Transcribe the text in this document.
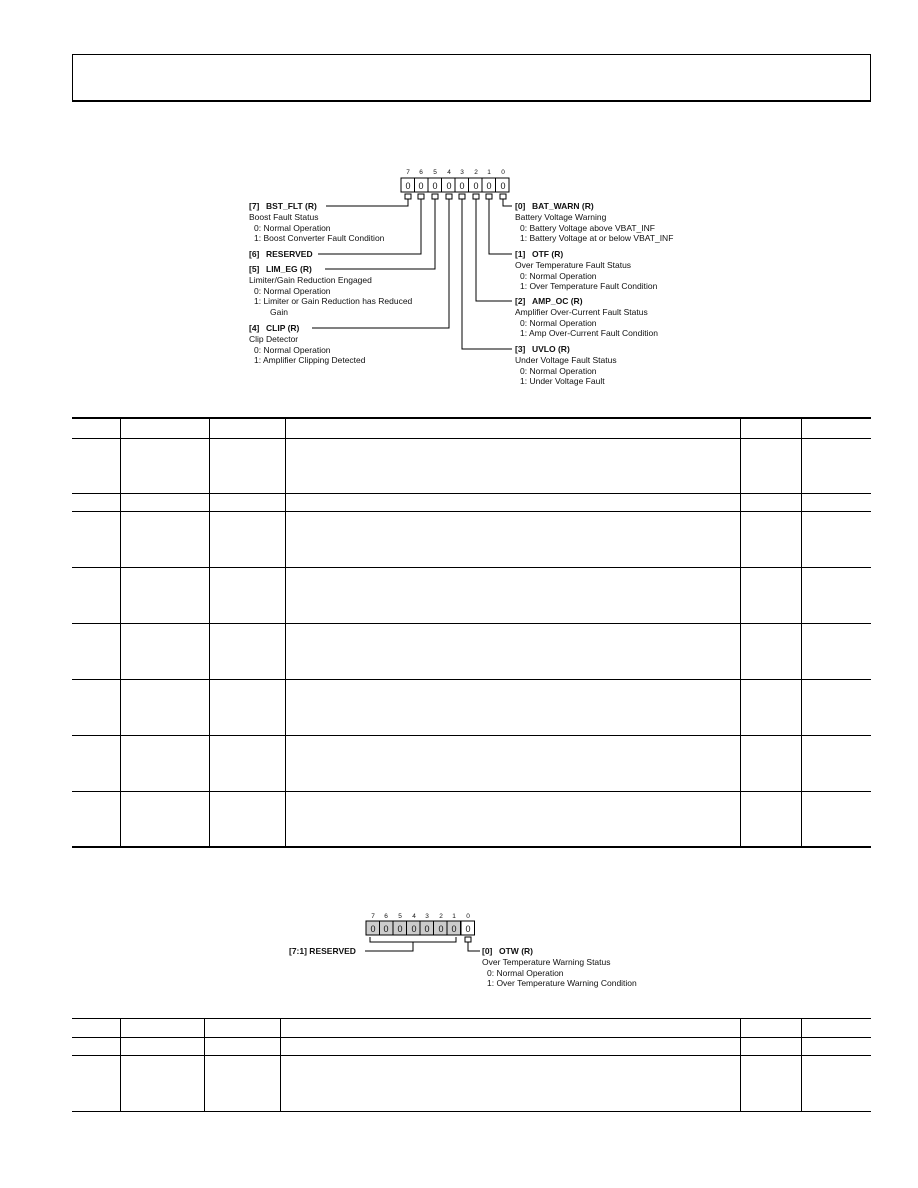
7 6 5 4 3 2 1 0
0 0 0 0 0 0 0 0
[7] BST_FLT (R)
Boost Fault Status
0: Normal Operation
1: Boost Converter Fault Condition
[6] RESERVED
[5] LIM_EG (R)
Limiter/Gain Reduction Engaged
0: Normal Operation
1: Limiter or Gain Reduction has Reduced
Gain
[4] CLIP (R)
Clip Detector
0: Normal Operation
1: Amplifier Clipping Detected
[0] BAT_WARN (R)
Battery Voltage Warning
0: Battery Voltage above VBAT_INF
1: Battery Voltage at or below VBAT_INF
[1] OTF (R)
Over Temperature Fault Status
0: Normal Operation
1: Over Temperature Fault Condition
[2] AMP_OC (R)
Amplifier Over-Current Fault Status
0: Normal Operation
1: Amp Over-Current Fault Condition
[3] UVLO (R)
Under Voltage Fault Status
0: Normal Operation
1: Under Voltage Fault
7 6 5 4 3 2 1 0
0 0 0 0 0 0 0 0
[7:1] RESERVED	[0] OTW (R)
Over Temperature Warning Status
0: Normal Operation
1: Over Temperature Warning Condition
